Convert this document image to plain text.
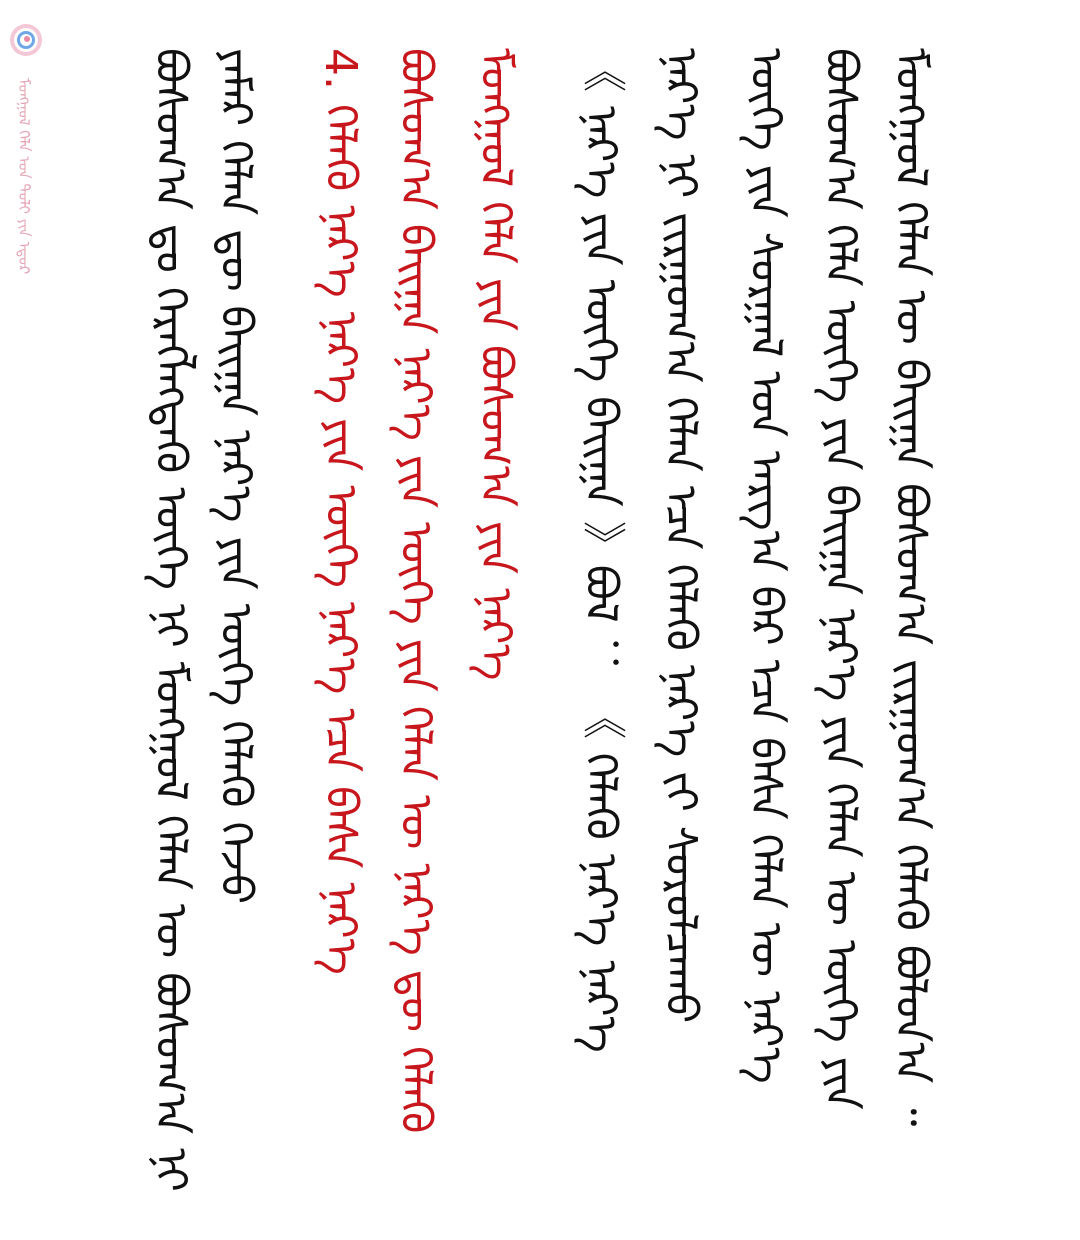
ᠮᠣᠩᠭᠣᠯ ᠬᠡᠯᠡ ᠤᠨ ᠲᠣᠯᠢ ᠶᠢᠨ ᠡᠳᠦᠷ	ᠪᠣᠰᠣᠭ᠎ᠠ ᠳᠤ ᠬᠡᠷᠡᠭᠯᠡᠭᠳᠡᠬᠦ ᠦᠭᠡ ᠨᠢ ᠮᠣᠩᠭᠣᠯ ᠬᠡᠯᠡᠨ ᠦ ᠪᠣᠰᠣᠭ᠎ᠠ ᠨᠢ ᠶᠠᠮᠠᠷ ᠬᠡᠯᠡᠨ ᠳᠦ ᠪᠠᠢᠭᠠ ᠨᠡᠷ᠎ᠡ ᠶᠢᠨ ᠦᠭᠡ ᠬᠡᠯᠡᠬᠦ ᠭᠡᠵᠦ 4. ᠬᠡᠯᠡᠬᠦ ᠨᠡᠷ᠎ᠡ ᠨᠡᠷ᠎ᠡ ᠶᠢᠨ ᠦᠭᠡ ᠨᠡᠷ᠎ᠡ ᠡᠴᠡ ᠪᠠᠰᠠ ᠨᠡᠷ᠎ᠡ ᠪᠣᠰᠣᠭ᠎ᠠ ᠪᠠᠢᠭᠠ ᠨᠡᠷ᠎ᠡ ᠶᠢᠨ ᠦᠭᠡ ᠶᠢᠨ ᠬᠡᠯᠡᠨ ᠦ ᠨᠡᠷ᠎ᠡ ᠳᠦ ᠬᠡᠯᠡᠬᠦ ᠮᠣᠩᠭᠣᠯ ᠬᠡᠯᠡ ᠶᠢᠨ ᠪᠣᠰᠣᠭ᠎ᠠ ᠶᠢᠨ ᠨᠡᠷ᠎ᠡ 《 ᠨᠡᠷ᠎ᠡ ᠶᠢᠨ ᠦᠭᠡ ᠪᠠᠢᠭᠠ 》ᠪᠣᠯ ： 《 ᠬᠡᠯᠡᠬᠦ ᠨᠡᠷ᠎ᠡ ᠨᠡᠷ᠎ᠡ ᠨᠡᠷ᠎ᠡ ᠨᠢ ᠵᠢᠷᠭᠤᠭ᠎ᠠ ᠬᠡᠯᠡᠨ ᠡᠴᠡ ᠬᠡᠯᠡᠬᠦ ᠨᠡᠷ᠎ᠡ ᠵᠢ ᠰᠤᠷᠤᠯᠴᠠᠬᠤ ᠦᠭᠡ ᠶᠢᠨ ᠰᠤᠷᠭᠠᠯ ᠤᠨ ᠠᠷᠭ᠎ᠠ ᠪᠠᠷ ᠡᠴᠡ ᠪᠠᠰᠠ ᠬᠡᠯᠡᠨ ᠦ ᠨᠡᠷ᠎ᠡ ᠪᠣᠰᠣᠭ᠎ᠠ ᠬᠡᠯᠡ ᠦᠭᠡ ᠶᠢᠨ ᠪᠠᠢᠭᠠ ᠨᠡᠷ᠎ᠡ ᠶᠢᠨ ᠬᠡᠯᠡᠨ ᠦ ᠦᠭᠡ ᠶᠢᠨ ᠮᠣᠩᠭᠣᠯ ᠬᠡᠯᠡᠨ ᠦ ᠪᠠᠢᠭᠠ ᠪᠣᠰᠣᠭ᠎ᠠ ᠵᠢᠷᠭᠤᠭ᠎ᠠ ᠬᠡᠯᠡᠬᠦ ᠪᠣᠯᠣᠨ᠎ᠠ ᠃
